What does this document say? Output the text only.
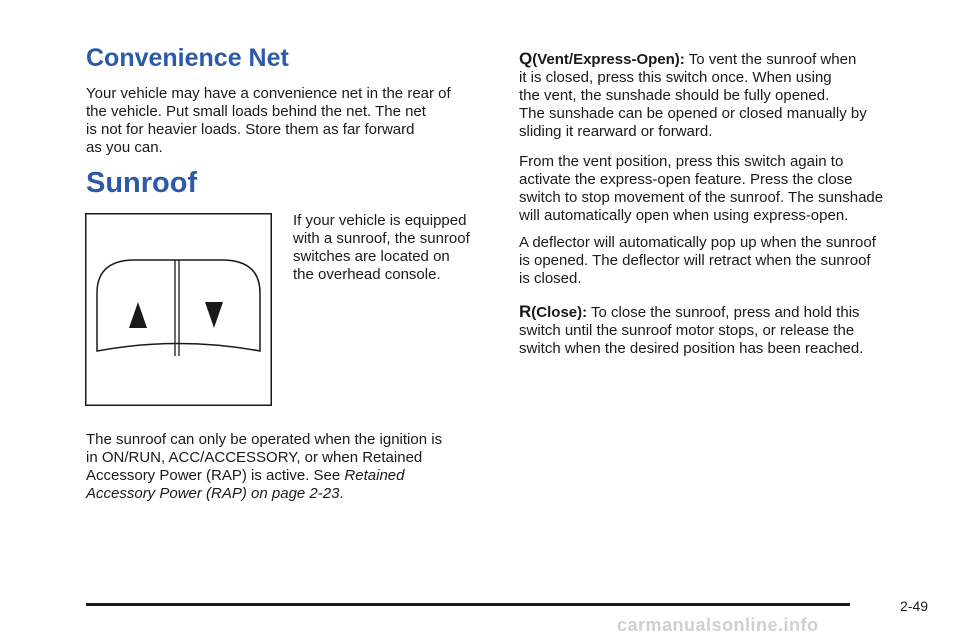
Convenience Net

Your vehicle may have a convenience net in the rear of
the vehicle. Put small loads behind the net. The net
is not for heavier loads. Store them as far forward
as you can.

Sunroof

If your vehicle is equipped
with a sunroof, the sunroof
switches are located on
the overhead console.

The sunroof can only be operated when the ignition is
in ON/RUN, ACC/ACCESSORY, or when Retained
Accessory Power (RAP) is active. See Retained
Accessory Power (RAP) on page 2-23.

Q(Vent/Express-Open): To vent the sunroof when
it is closed, press this switch once. When using
the vent, the sunshade should be fully opened.
The sunshade can be opened or closed manually by
sliding it rearward or forward.

From the vent position, press this switch again to
activate the express-open feature. Press the close
switch to stop movement of the sunroof. The sunshade
will automatically open when using express-open.

A deflector will automatically pop up when the sunroof
is opened. The deflector will retract when the sunroof
is closed.

R(Close): To close the sunroof, press and hold this
switch until the sunroof motor stops, or release the
switch when the desired position has been reached.

2-49
carmanualsonline.info
